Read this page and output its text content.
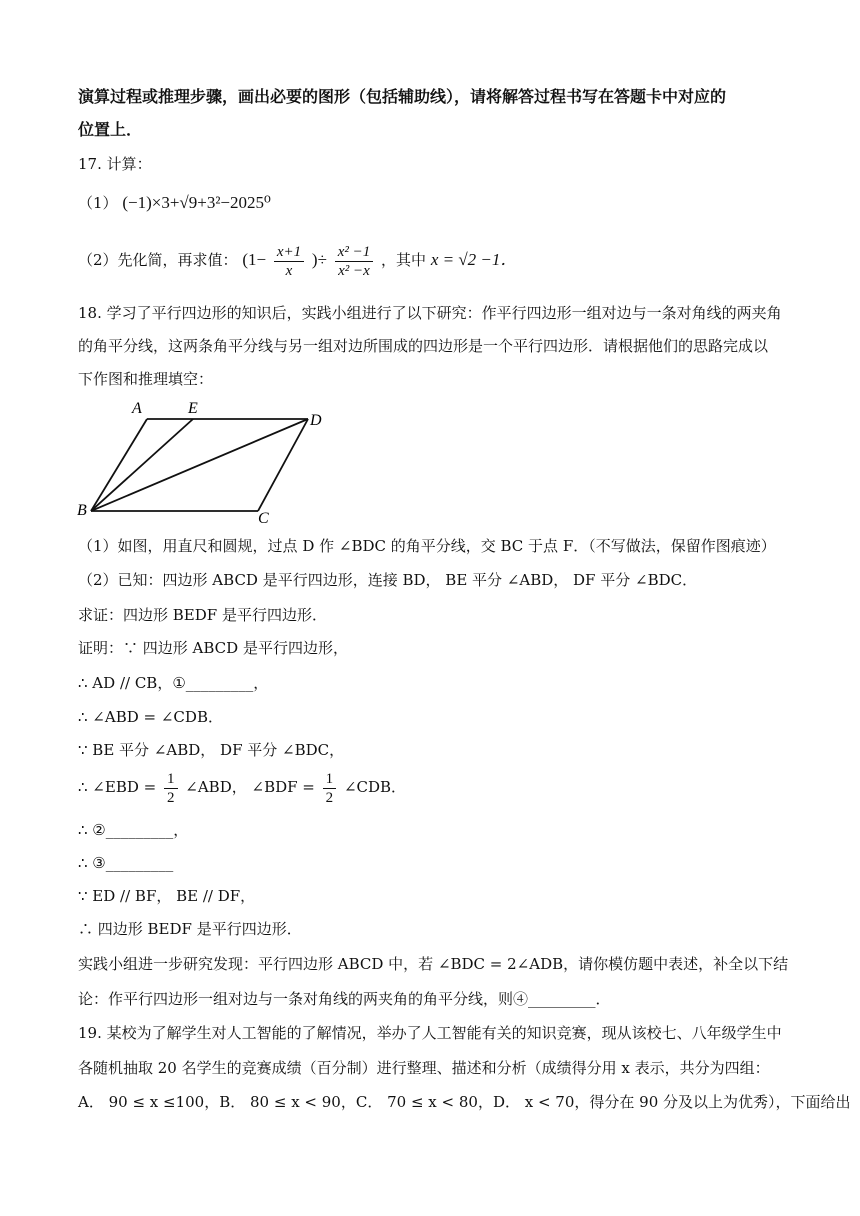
演算过程或推理步骤，画出必要的图形（包括辅助线），请将解答过程书写在答题卡中对应的
位置上．
17. 计算：
（1） (−1)×3+√9+3²−2025⁰
（2）先化简，再求值： ($1- \frac{x+1}{x}$ )÷ $\frac{\text{x² −1}}{\text{x² −x}}$ ，其中 x = √2 −1．
18. 学习了平行四边形的知识后，实践小组进行了以下研究：作平行四边形一组对边与一条对角线的两夹角
的角平分线，这两条角平分线与另一组对边所围成的四边形是一个平行四边形．请根据他们的思路完成以
下作图和推理填空：
A	E
D
B	C
（1）如图，用直尺和圆规，过点 D 作 ∠BDC 的角平分线，交 BC 于点 F．（不写做法，保留作图痕迹）
（2）已知：四边形 ABCD 是平行四边形，连接 BD， BE 平分 ∠ABD， DF 平分 ∠BDC．
求证：四边形 BEDF 是平行四边形．
证明：∵ 四边形 ABCD 是平行四边形，
∴ AD // CB，①_________，
∴ ∠ABD = ∠CDB．
∵ BE 平分 ∠ABD， DF 平分 ∠BDC，
∴ ∠EBD = $\frac{1}{2}$ ∠ABD， ∠BDF = $\frac{1}{2}$ ∠CDB．
∴ ②_________，
∴ ③_________
∵ ED // BF， BE // DF，
∴ 四边形 BEDF 是平行四边形．
实践小组进一步研究发现：平行四边形 ABCD 中，若 ∠BDC = 2∠ADB，请你模仿题中表述，补全以下结
论：作平行四边形一组对边与一条对角线的两夹角的角平分线，则④_________．
19. 某校为了解学生对人工智能的了解情况，举办了人工智能有关的知识竞赛，现从该校七、八年级学生中
各随机抽取 20 名学生的竞赛成绩（百分制）进行整理、描述和分析（成绩得分用 x 表示，共分为四组：
A． 90 ≤ x ≤100，B． 80 ≤ x < 90，C． 70 ≤ x < 80，D． x < 70，得分在 90 分及以上为优秀），下面给出
